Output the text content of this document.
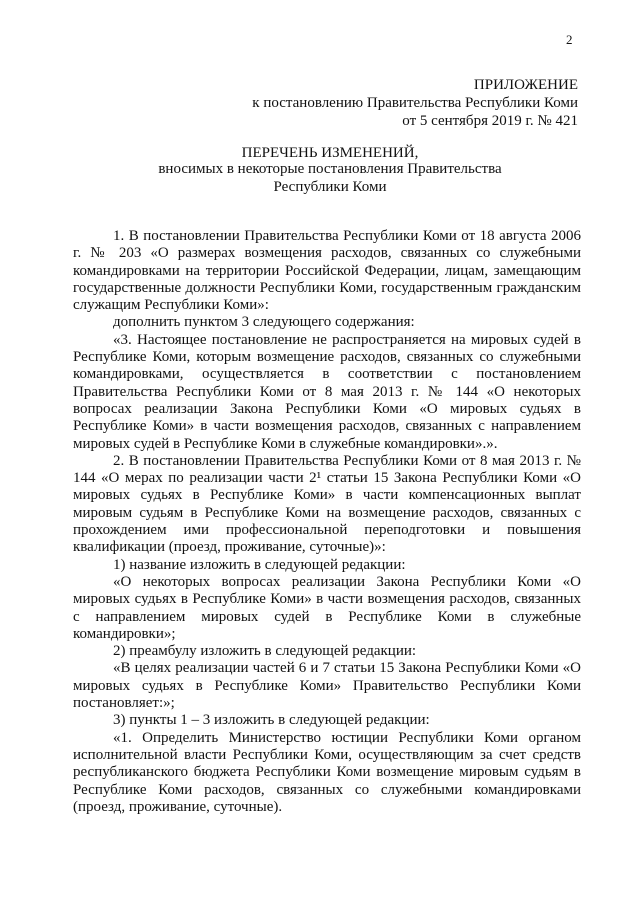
2
ПРИЛОЖЕНИЕ
к постановлению Правительства Республики Коми
от 5 сентября 2019 г. № 421
ПЕРЕЧЕНЬ ИЗМЕНЕНИЙ,
вносимых в некоторые постановления Правительства
Республики Коми

1. В постановлении Правительства Республики Коми от 18 августа 2006 г. № 203 «О размерах возмещения расходов, связанных со служебными командировками на территории Российской Федерации, лицам, замещающим государственные должности Республики Коми, государственным гражданским служащим Республики Коми»:

дополнить пунктом 3 следующего содержания:

«3. Настоящее постановление не распространяется на мировых судей в Республике Коми, которым возмещение расходов, связанных со служебными командировками, осуществляется в соответствии с постановлением Правительства Республики Коми от 8 мая 2013 г. № 144 «О некоторых вопросах реализации Закона Республики Коми «О мировых судьях в Республике Коми» в части возмещения расходов, связанных с направлением мировых судей в Республике Коми в служебные командировки».».

2. В постановлении Правительства Республики Коми от 8 мая 2013 г. № 144 «О мерах по реализации части 2¹ статьи 15 Закона Республики Коми «О мировых судьях в Республике Коми» в части компенсационных выплат мировым судьям в Республике Коми на возмещение расходов, связанных с прохождением ими профессиональной переподготовки и повышения квалификации (проезд, проживание, суточные)»:

1) название изложить в следующей редакции:

«О некоторых вопросах реализации Закона Республики Коми «О мировых судьях в Республике Коми» в части возмещения расходов, связанных с направлением мировых судей в Республике Коми в служебные командировки»;

2) преамбулу изложить в следующей редакции:

«В целях реализации частей 6 и 7 статьи 15 Закона Республики Коми «О мировых судьях в Республике Коми» Правительство Республики Коми постановляет:»;

3) пункты 1 – 3 изложить в следующей редакции:

«1. Определить Министерство юстиции Республики Коми органом исполнительной власти Республики Коми, осуществляющим за счет средств республиканского бюджета Республики Коми возмещение мировым судьям в Республике Коми расходов, связанных со служебными командировками (проезд, проживание, суточные).
